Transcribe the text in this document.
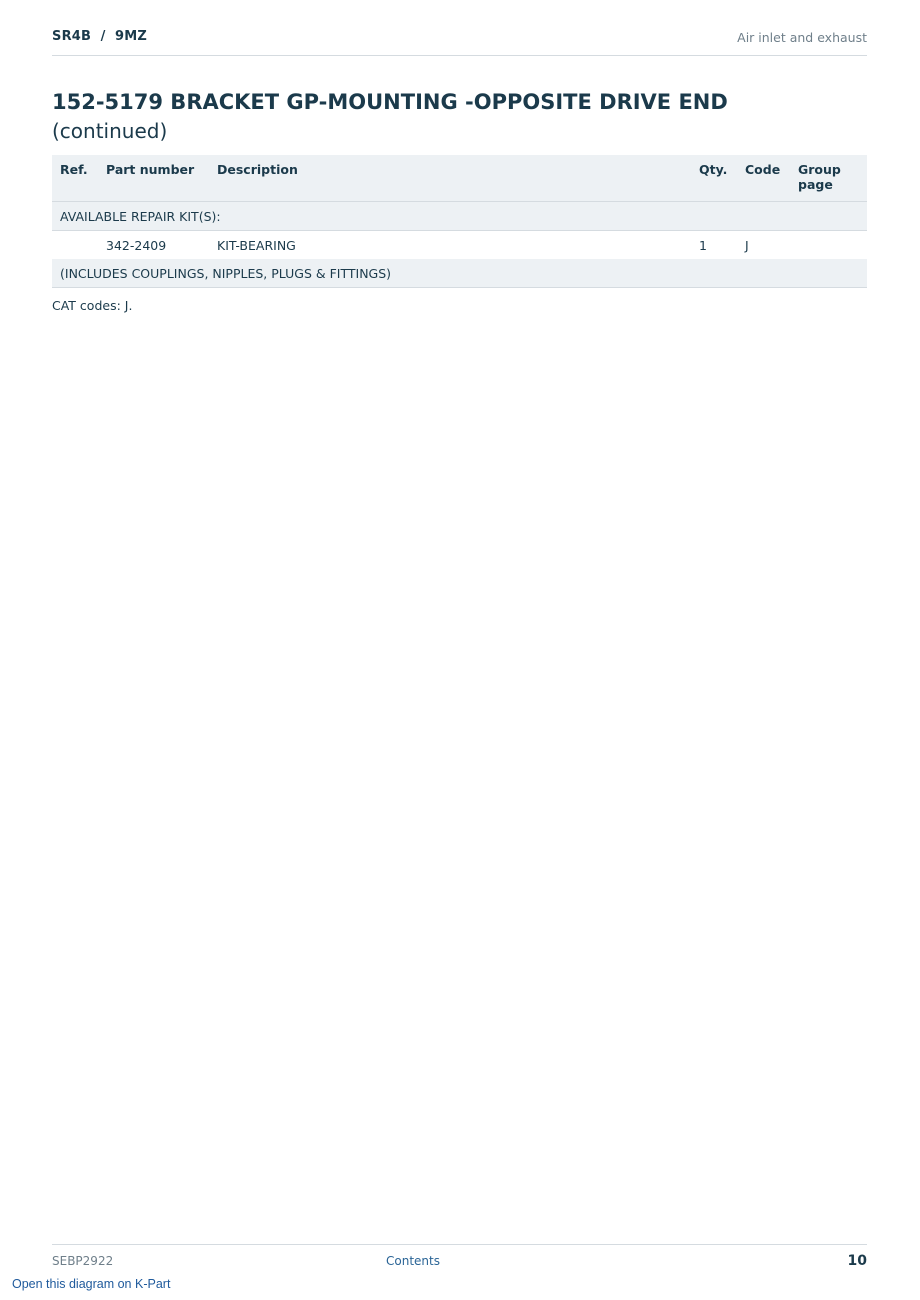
SR4B  /  9MZ	Air inlet and exhaust
152-5179 BRACKET GP-MOUNTING -OPPOSITE DRIVE END
(continued)
Ref.	Part number	Description	Qty.	Code	Group
page

AVAILABLE REPAIR KIT(S):					
	342-2409	KIT-BEARING	1	J	
(INCLUDES COUPLINGS, NIPPLES, PLUGS & FITTINGS)					
CAT codes: J.
SEBP2922	Contents	10
Open this diagram on K-Part
